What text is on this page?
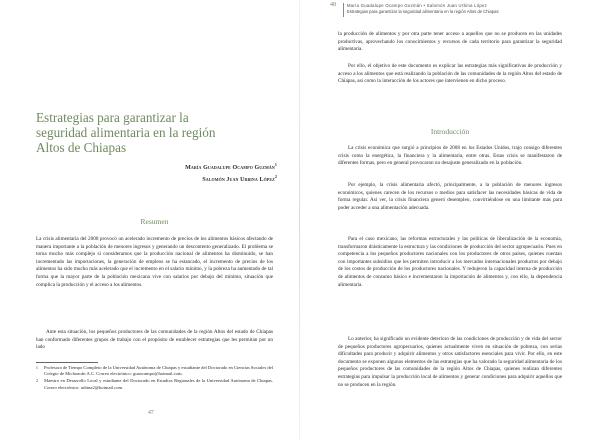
Estrategias para garantizar la seguridad alimentaria en la región Altos de Chiapas
María Guadalupe Ocampo Guzmán$^1$
Salomón Juan Urbina López$^2$
Resumen

La crisis alimentaria del 2008 provocó un acelerado incremento de precios de los alimentos básicos afectando de manera importante a la población de menores ingresos y generando un descontento generalizado. El problema se torna mucho más complejo si consideramos que la producción nacional de alimentos ha disminuido, se han incrementado las importaciones, la generación de empleos se ha estancado, el incremento de precios de los alimentos ha sido mucho más acelerado que el incremento en el salario mínimo, y la pobreza ha aumentado de tal forma que la mayor parte de la población mexicana vive con salarios por debajo del mínimo, situación que complica la producción y el acceso a los alimentos.

Ante esta situación, los pequeños productores de las comunidades de la región Altos del estado de Chiapas han conformado diferentes grupos de trabajo con el propósito de establecer estrategias que les permitan por un lado

1	Profesora de Tiempo Completo de la Universidad Autónoma de Chiapas y estudiante del Doctorado en Ciencias Sociales del Colegio de Michoacán A.C. Correo electrónico: guaocampo@hotmail.com.
2	Maestro en Desarrollo Local y estudiante del Doctorado en Estudios Regionales de la Universidad Autónoma de Chiapas. Correo electrónico: urbina2@hotmail.com.
47
48	María Guadalupe Ocampo Guzmán • Salomón Juan Urbina López
Estrategias para garantizar la seguridad alimentaria en la región Altos de Chiapas

la producción de alimentos y por otra parte tener acceso a aquellos que no se producen en las unidades productivas, aprovechando los conocimientos y recursos de cada territorio para garantizar la seguridad alimentaria.

Por ello, el objetivo de este documento es explicar las estrategias más significativas de producción y acceso a los alimentos que está realizando la población de las comunidades de la región Altos del estado de Chiapas, así como la interacción de los actores que intervienen en dicho proceso.

Introducción

La crisis económica que surgió a principios de 2008 en los Estados Unidos, trajo consigo diferentes crisis como la energética, la financiera y la alimentaria, entre otras. Estas crisis se manifestaron de diferentes formas, pero en general provocaron un desajuste generalizado en la población.

Por ejemplo, la crisis alimentaria afectó, principalmente, a la población de menores ingresos económicos, quienes carecen de los recursos o medios para satisfacer las necesidades básicas de vida de forma regular. Así ver, la crisis financiera generó desempleo, convirtiéndose en una limitante más para poder acceder a una alimentación adecuada.

Para el caso mexicano, las reformas estructurales y las políticas de liberalización de la economía, transformaron drásticamente la estructura y las condiciones de producción del sector agropecuario. Pues en competencia a los pequeños productores nacionales con los productores de otros países, quienes cuentan con importantes subsidios que les permiten introducir a los mercados internacionales productos por debajo de los costos de producción de los productores nacionales. Y redujeron la capacidad interna de producción de alimentos de consumo básico e incrementaron la importación de alimentos y, con ello, la dependencia alimentaria.

Lo anterior, ha significado un evidente deterioro de las condiciones de producción y de vida del sector de pequeños productores agropecuarios, quienes actualmente viven en situación de pobreza, con serias dificultades para producir y adquirir alimentos y otros satisfactores esenciales para vivir. Por ello, en este documento se exponen algunos elementos de las estrategias que ha valorado la seguridad alimentaria de los pequeños productores de las comunidades de la región Altos de Chiapas, quienes realizan diferentes estrategias para impulsar la producción local de alimentos y generar condiciones para adquirir aquellos que no se producen en la región.
